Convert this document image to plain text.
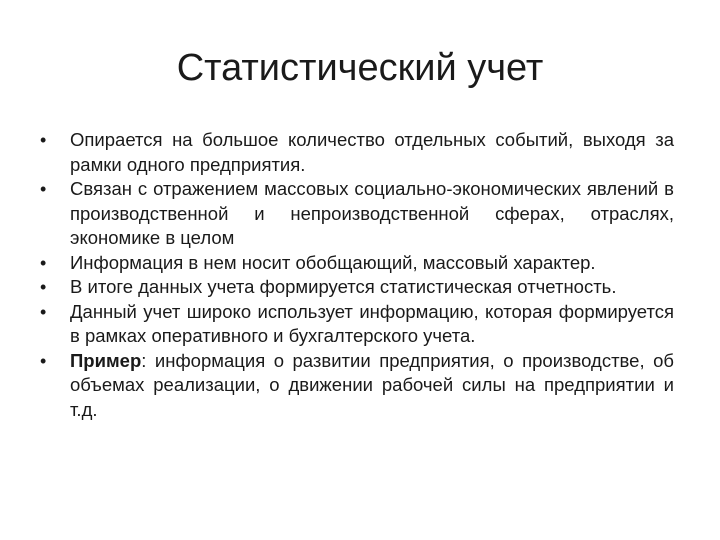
Статистический учет
•	Опирается на большое количество отдельных событий, выходя за рамки одного предприятия.
•	Связан с отражением массовых социально-экономических явлений в производственной и непроизводственной сферах, отраслях, экономике в целом
•	Информация в нем носит обобщающий, массовый характер.
•	В итоге данных учета формируется статистическая отчетность.
•	Данный учет широко использует информацию, которая формируется в рамках оперативного и бухгалтерского учета.
•	Пример: информация о развитии предприятия, о производстве, об объемах реализации, о движении рабочей силы на предприятии и т.д.
